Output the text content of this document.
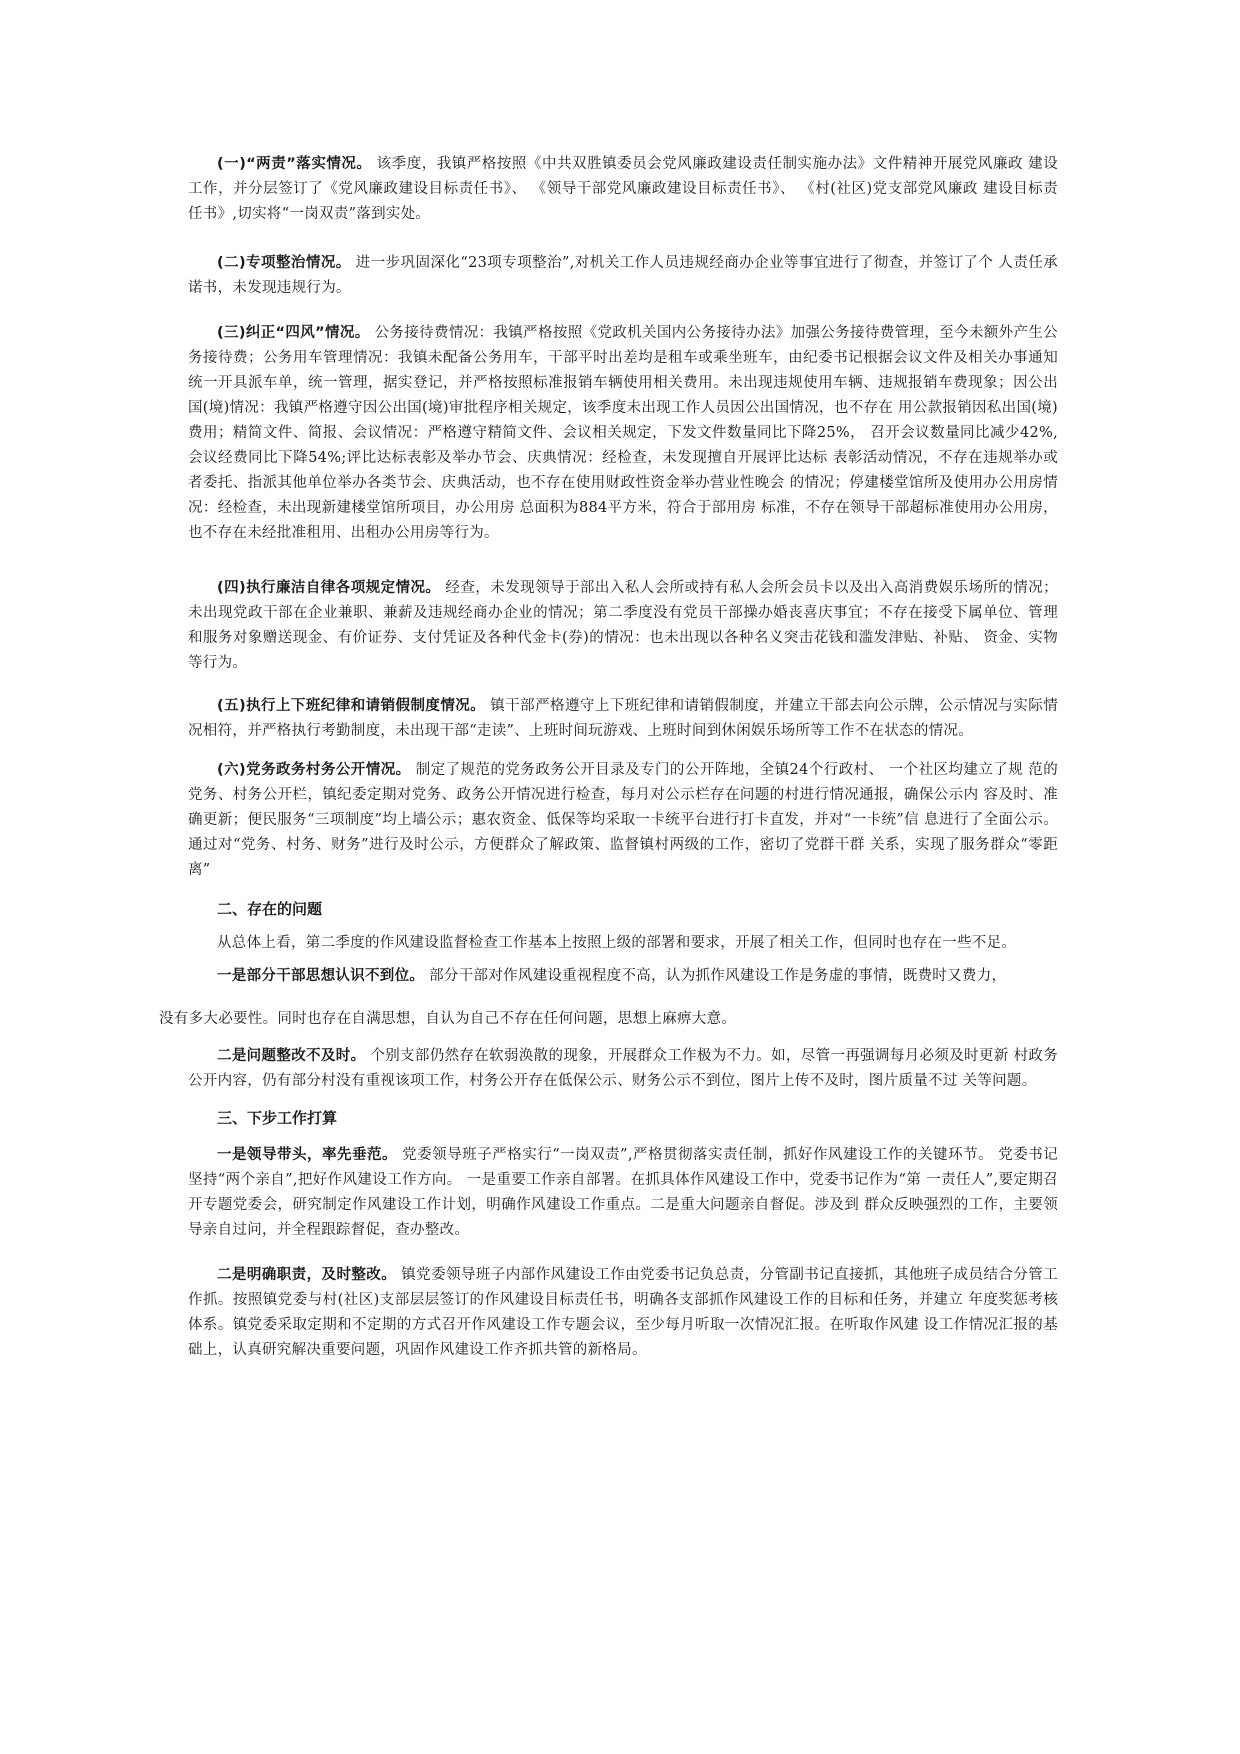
(一)“两责”落实情况。 该季度，我镇严格按照《中共双胜镇委员会党风廉政建设责任制实施办法》文件精神开展党风廉政 建设工作，并分层签订了《党风廉政建设目标责任书》、 《领导干部党风廉政建设目标责任书》、 《村(社区)党支部党风廉政 建设目标责任书》,切实将“一岗双责”落到实处。

(二)专项整治情况。 进一步巩固深化“23项专项整治”,对机关工作人员违规经商办企业等事宜进行了彻查，并签订了个 人责任承诺书，未发现违规行为。

(三)纠正“四风”情况。 公务接待费情况：我镇严格按照《党政机关国内公务接待办法》加强公务接待费管理，至今未额外产生公务接待费；公务用车管理情况：我镇未配备公务用车，干部平时出差均是租车或乘坐班车，由纪委书记根据会议文件及相关办事通知统一开具派车单，统一管理，据实登记，并严格按照标准报销车辆使用相关费用。未出现违规使用车辆、违规报销车费现象；因公出国(境)情况：我镇严格遵守因公出国(境)审批程序相关规定，该季度未出现工作人员因公出国情况，也不存在 用公款报销因私出国(境)费用；精简文件、简报、会议情况：严格遵守精简文件、会议相关规定，下发文件数量同比下降25%， 召开会议数量同比减少42%,会议经费同比下降54%;评比达标表彰及举办节会、庆典情况：经检查，未发现擅自开展评比达标 表彰活动情况，不存在违规举办或者委托、指派其他单位举办各类节会、庆典活动，也不存在使用财政性资金举办营业性晚会 的情况；停建楼堂馆所及使用办公用房情况：经检查，未出现新建楼堂馆所项目，办公用房 总面积为884平方米，符合于部用房 标准，不存在领导干部超标准使用办公用房，也不存在未经批准租用、出租办公用房等行为。

(四)执行廉洁自律各项规定情况。 经查，未发现领导于部出入私人会所或持有私人会所会员卡以及出入高消费娱乐场所的情况；未出现党政干部在企业兼职、兼薪及违规经商办企业的情况；第二季度没有党员干部操办婚丧喜庆事宜；不存在接受下属单位、管理和服务对象赠送现金、有价证券、支付凭证及各种代金卡(券)的情况：也未出现以各种名义突击花钱和滥发津贴、补贴、 资金、实物等行为。

(五)执行上下班纪律和请销假制度情况。 镇干部严格遵守上下班纪律和请销假制度，并建立干部去向公示牌，公示情况与实际情况相符，并严格执行考勤制度，未出现干部“走读”、上班时间玩游戏、上班时间到休闲娱乐场所等工作不在状态的情况。

(六)党务政务村务公开情况。 制定了规范的党务政务公开目录及专门的公开阵地，全镇24个行政村、 一个社区均建立了规 范的党务、村务公开栏，镇纪委定期对党务、政务公开情况进行检查，每月对公示栏存在问题的村进行情况通报，确保公示内 容及时、准确更新；便民服务“三项制度”均上墙公示；惠农资金、低保等均采取一卡统平台进行打卡直发，并对“一卡统”信 息进行了全面公示。通过对“党务、村务、财务”进行及时公示，方便群众了解政策、监督镇村两级的工作，密切了党群干群 关系，实现了服务群众“零距离”

二、存在的问题

从总体上看，第二季度的作风建设监督检查工作基本上按照上级的部署和要求，开展了相关工作，但同时也存在一些不足。

一是部分干部思想认识不到位。 部分干部对作风建设重视程度不高，认为抓作风建设工作是务虚的事情，既费时又费力，

没有多大必要性。同时也存在自满思想，自认为自己不存在任何问题，思想上麻痹大意。

二是问题整改不及时。 个别支部仍然存在软弱涣散的现象，开展群众工作极为不力。如，尽管一再强调每月必须及时更新 村政务公开内容，仍有部分村没有重视该项工作，村务公开存在低保公示、财务公示不到位，图片上传不及时，图片质量不过 关等问题。

三、下步工作打算

一是领导带头，率先垂范。 党委领导班子严格实行“一岗双责”,严格贯彻落实责任制，抓好作风建设工作的关键环节。 党委书记坚持“两个亲自”,把好作风建设工作方向。 一是重要工作亲自部署。在抓具体作风建设工作中，党委书记作为“第 一责任人”,要定期召开专题党委会，研究制定作风建设工作计划，明确作风建设工作重点。二是重大问题亲自督促。涉及到 群众反映强烈的工作，主要领导亲自过问，并全程跟踪督促，查办整改。

二是明确职责，及时整改。 镇党委领导班子内部作风建设工作由党委书记负总责，分管副书记直接抓，其他班子成员结合分管工作抓。按照镇党委与村(社区)支部层层签订的作风建设目标责任书，明确各支部抓作风建设工作的目标和任务，并建立 年度奖惩考核体系。镇党委采取定期和不定期的方式召开作风建设工作专题会议，至少每月听取一次情况汇报。在听取作风建 设工作情况汇报的基础上，认真研究解决重要问题，巩固作风建设工作齐抓共管的新格局。
